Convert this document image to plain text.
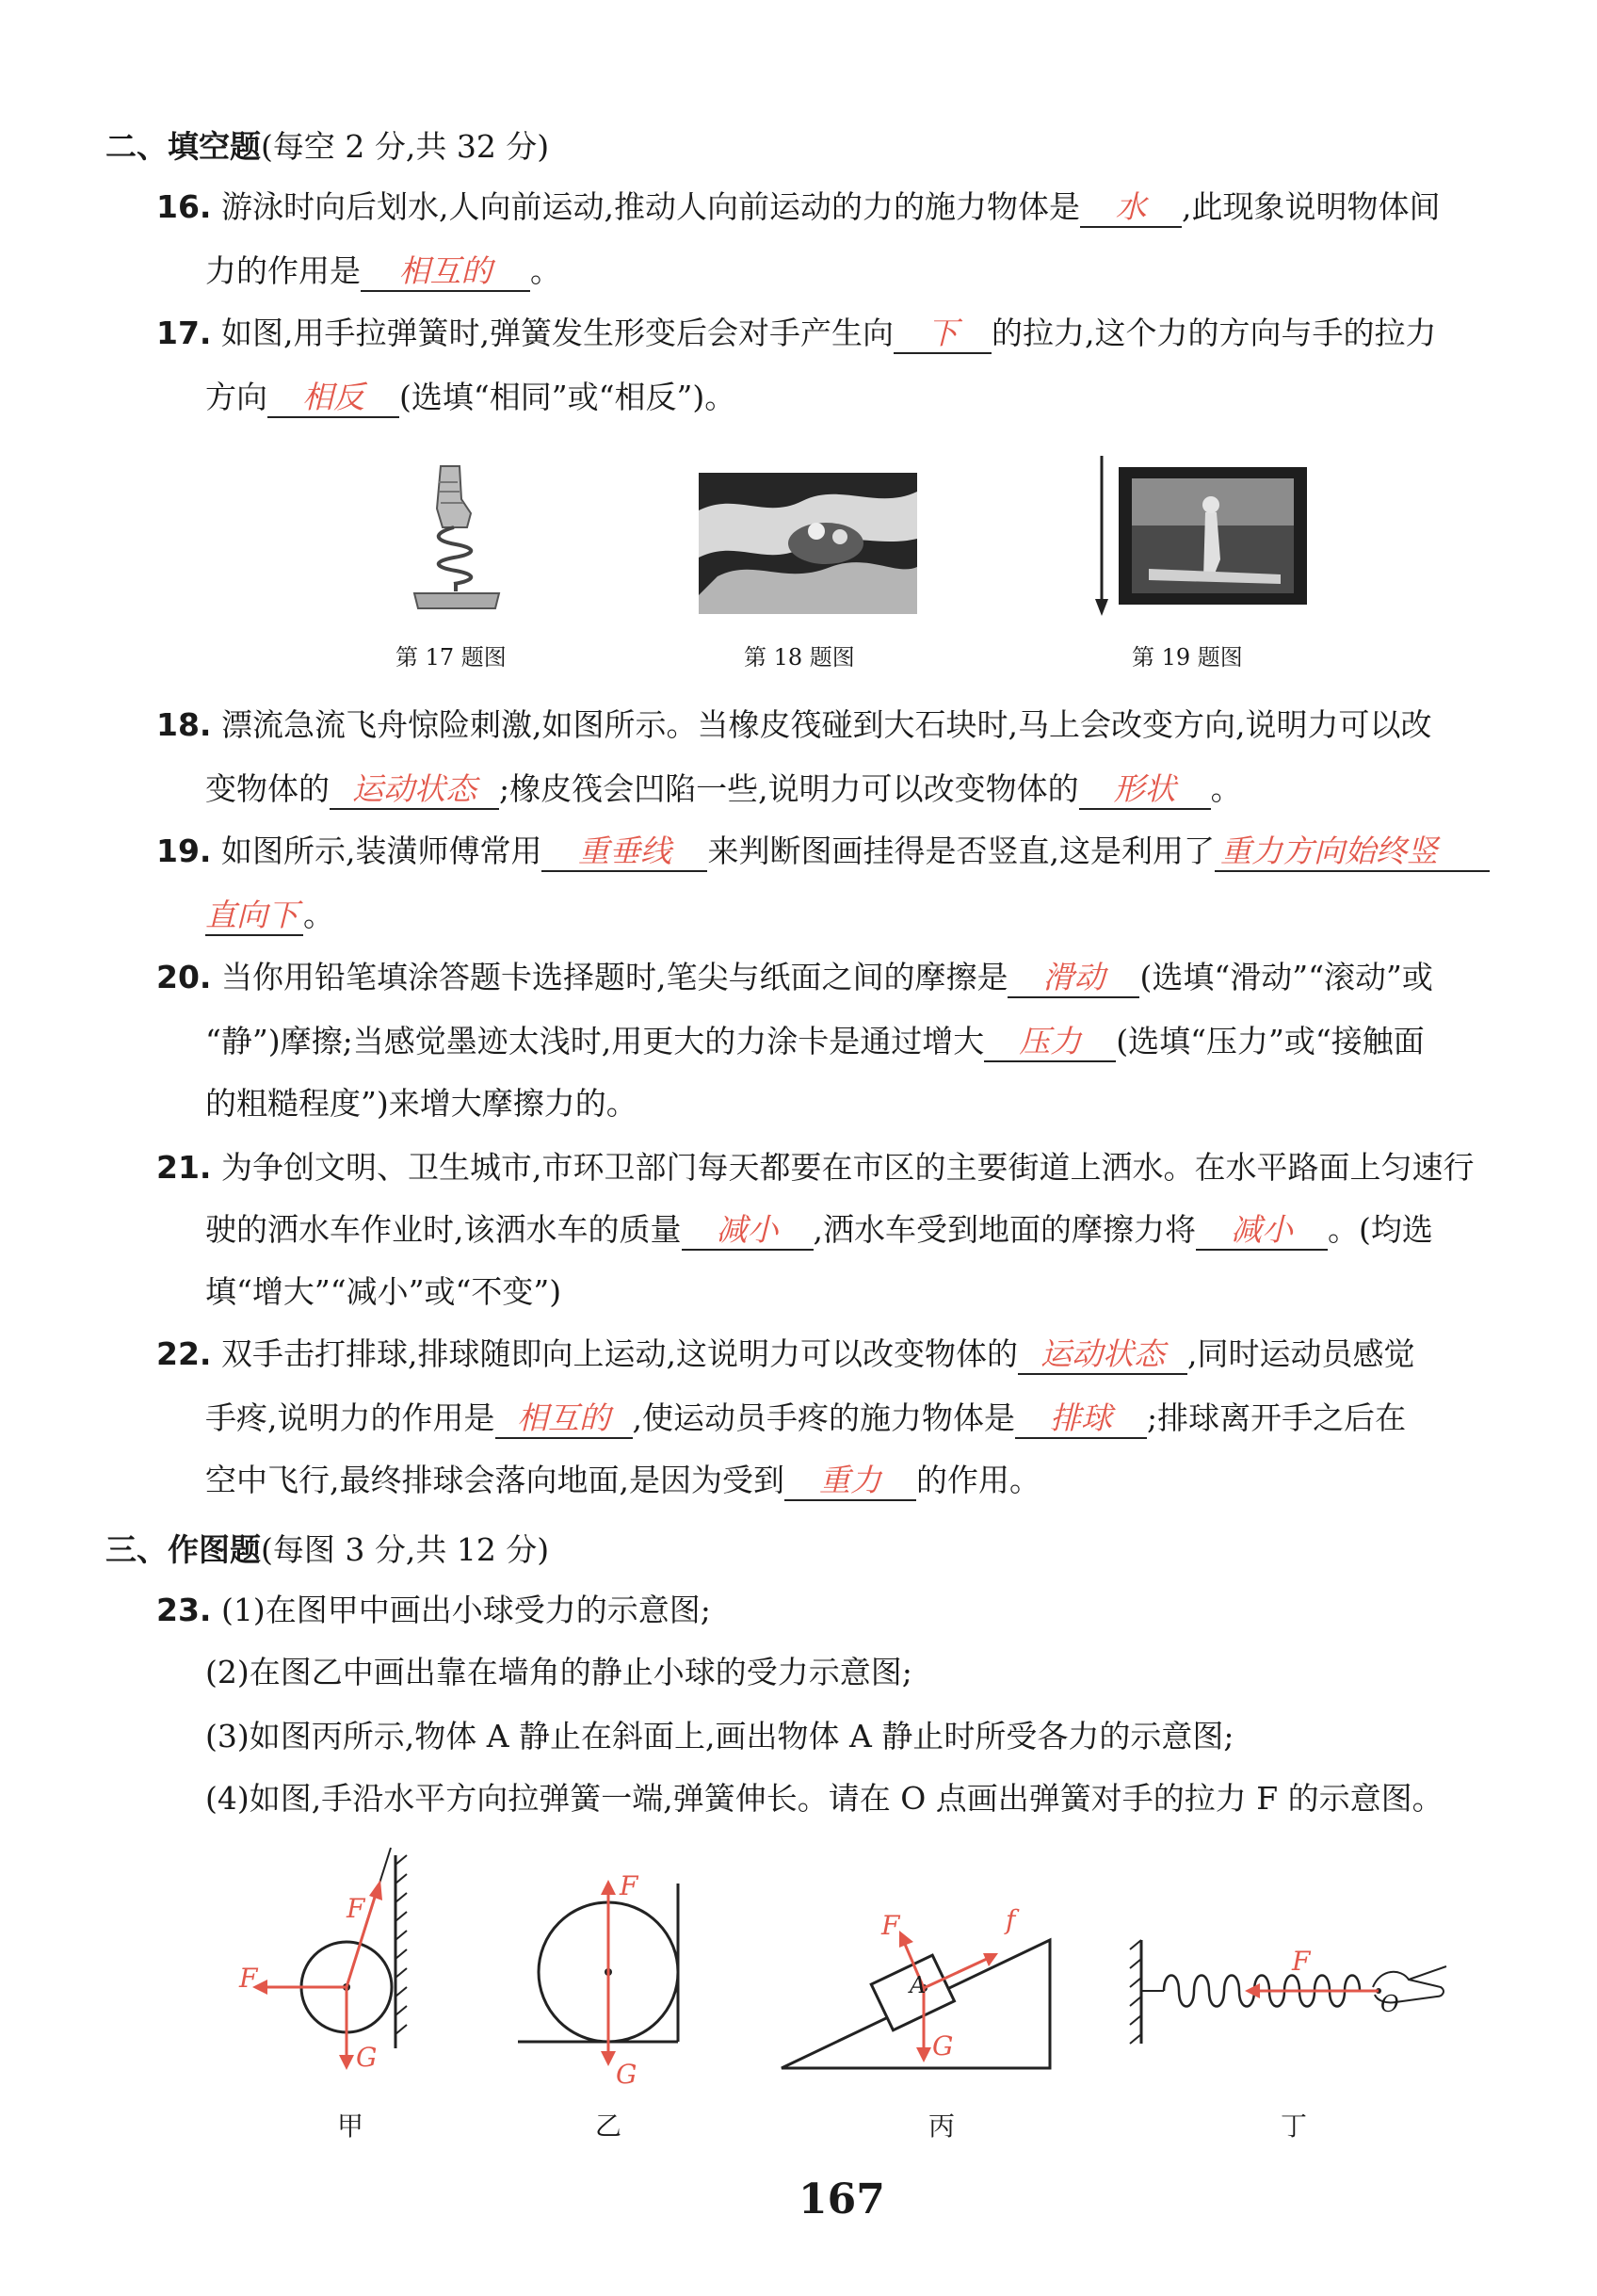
二、填空题(每空 2 分,共 32 分)
16. 游泳时向后划水,人向前运动,推动人向前运动的力的施力物体是 水 ,此现象说明物体间
力的作用是 相互的 。
17. 如图,用手拉弹簧时,弹簧发生形变后会对手产生向 下 的拉力,这个力的方向与手的拉力
方向 相反 (选填“相同”或“相反”)。
第 17 题图	第 18 题图	第 19 题图
18. 漂流急流飞舟惊险刺激,如图所示。当橡皮筏碰到大石块时,马上会改变方向,说明力可以改
变物体的 运动状态 ;橡皮筏会凹陷一些,说明力可以改变物体的 形状 。
19. 如图所示,装潢师傅常用 重垂线 来判断图画挂得是否竖直,这是利用了 重力方向始终竖
直向下 。
20. 当你用铅笔填涂答题卡选择题时,笔尖与纸面之间的摩擦是 滑动 (选填“滑动”“滚动”或
“静”)摩擦;当感觉墨迹太浅时,用更大的力涂卡是通过增大 压力 (选填“压力”或“接触面
的粗糙程度”)来增大摩擦力的。
21. 为争创文明、卫生城市,市环卫部门每天都要在市区的主要街道上洒水。在水平路面上匀速行
驶的洒水车作业时,该洒水车的质量 减小 ,洒水车受到地面的摩擦力将 减小 。(均选
填“增大”“减小”或“不变”)
22. 双手击打排球,排球随即向上运动,这说明力可以改变物体的 运动状态 ,同时运动员感觉
手疼,说明力的作用是 相互的 ,使运动员手疼的施力物体是 排球 ;排球离开手之后在
空中飞行,最终排球会落向地面,是因为受到 重力 的作用。
三、作图题(每图 3 分,共 12 分)
23. (1)在图甲中画出小球受力的示意图;
(2)在图乙中画出靠在墙角的静止小球的受力示意图;
(3)如图丙所示,物体 A 静止在斜面上,画出物体 A 静止时所受各力的示意图;
(4)如图,手沿水平方向拉弹簧一端,弹簧伸长。请在 O 点画出弹簧对手的拉力 F 的示意图。
F
F
G
甲
F
G
乙
F	f
A
G
丙
F
O
丁
167
